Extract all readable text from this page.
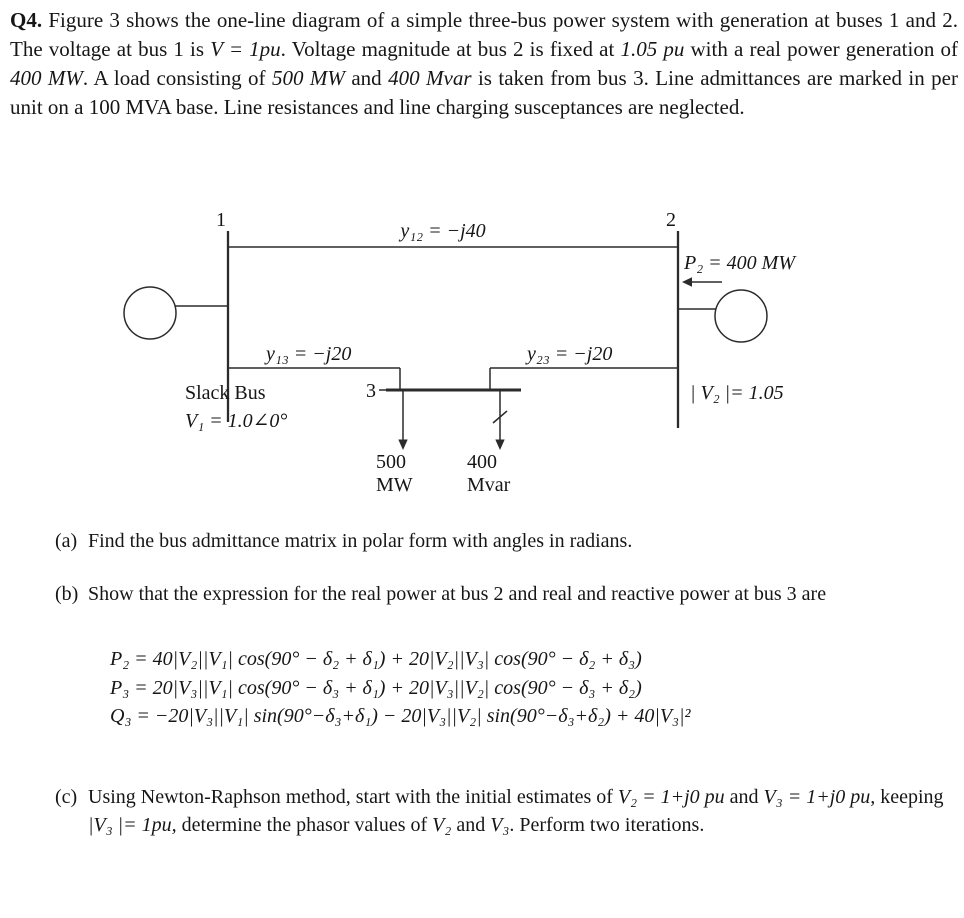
Q4. Figure 3 shows the one-line diagram of a simple three-bus power system with generation at buses 1 and 2. The voltage at bus 1 is V = 1pu. Voltage magnitude at bus 2 is fixed at 1.05 pu with a real power generation of 400 MW. A load consisting of 500 MW and 400 Mvar is taken from bus 3. Line admittances are marked in per unit on a 100 MVA base. Line resistances and line charging susceptances are neglected.

1	2
y₁₂ = −j40
P₂ = 400 MW
y₁₃ = −j20	y₂₃ = −j20
Slack Bus
V₁ = 1.0∠0°
3	| V₂ |= 1.05
500
MW
400
Mvar
(a) Find the bus admittance matrix in polar form with angles in radians.
(b) Show that the expression for the real power at bus 2 and real and reactive power at bus 3 are
P₂ = 40|V₂||V₁| cos(90° − δ₂ + δ₁) + 20|V₂||V₃| cos(90° − δ₂ + δ₃)
P₃ = 20|V₃||V₁| cos(90° − δ₃ + δ₁) + 20|V₃||V₂| cos(90° − δ₃ + δ₂)
Q₃ = −20|V₃||V₁| sin(90°−δ₃+δ₁) − 20|V₃||V₂| sin(90°−δ₃+δ₂) + 40|V₃|²
(c) Using Newton-Raphson method, start with the initial estimates of V₂ = 1+j0 pu and V₃ = 1+j0 pu, keeping |V₃ |= 1pu, determine the phasor values of V₂ and V₃. Perform two iterations.
